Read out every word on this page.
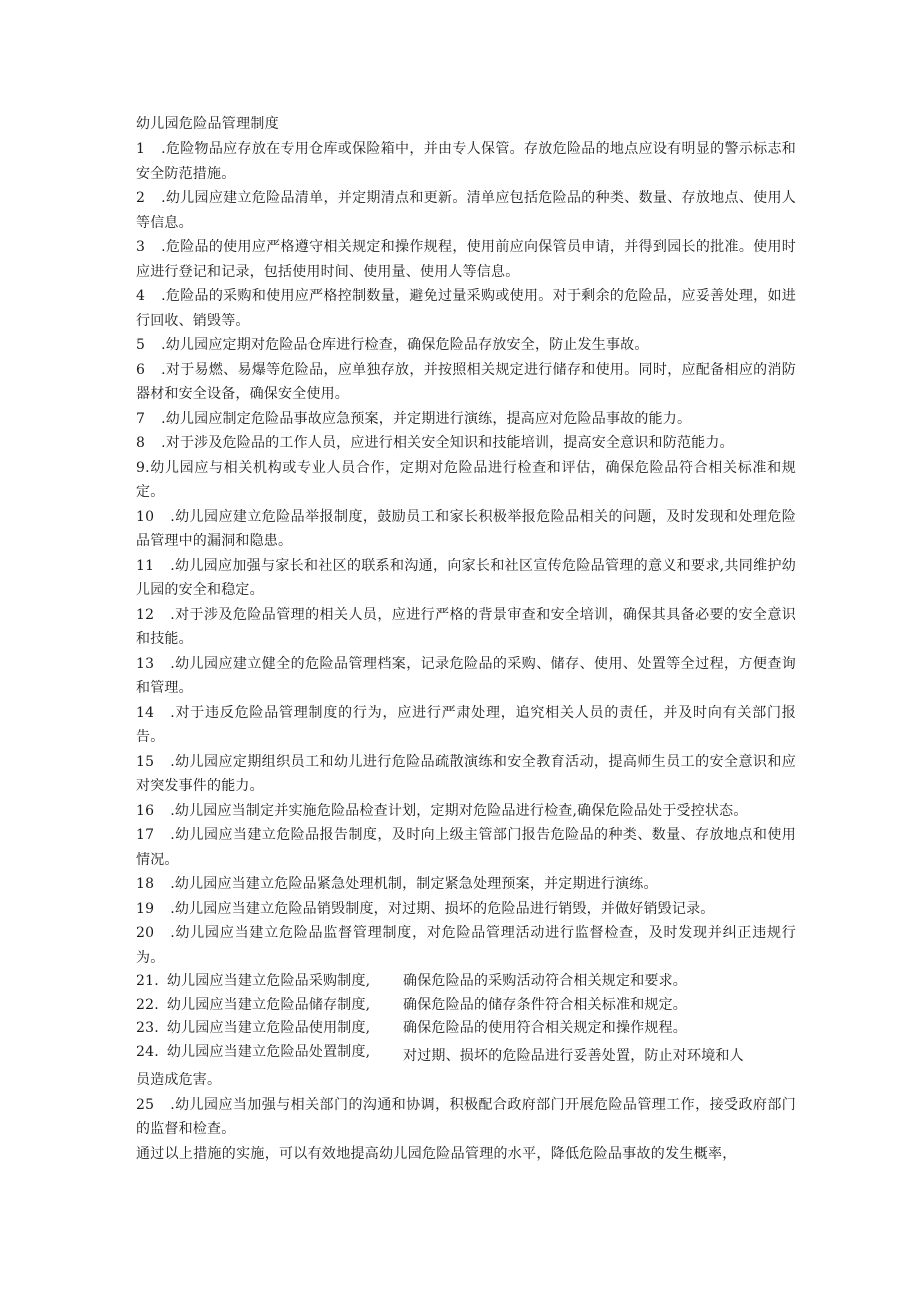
幼儿园危险品管理制度

1 .危险物品应存放在专用仓库或保险箱中，并由专人保管。存放危险品的地点应设有明显的警示标志和安全防范措施。

2 .幼儿园应建立危险品清单，并定期清点和更新。清单应包括危险品的种类、数量、存放地点、使用人等信息。

3 .危险品的使用应严格遵守相关规定和操作规程，使用前应向保管员申请，并得到园长的批准。使用时应进行登记和记录，包括使用时间、使用量、使用人等信息。

4 .危险品的采购和使用应严格控制数量，避免过量采购或使用。对于剩余的危险品，应妥善处理，如进行回收、销毁等。

5 .幼儿园应定期对危险品仓库进行检查，确保危险品存放安全，防止发生事故。

6 .对于易燃、易爆等危险品，应单独存放，并按照相关规定进行储存和使用。同时，应配备相应的消防器材和安全设备，确保安全使用。

7 .幼儿园应制定危险品事故应急预案，并定期进行演练，提高应对危险品事故的能力。

8 .对于涉及危险品的工作人员，应进行相关安全知识和技能培训，提高安全意识和防范能力。

9.幼儿园应与相关机构或专业人员合作，定期对危险品进行检查和评估，确保危险品符合相关标准和规定。

10 .幼儿园应建立危险品举报制度，鼓励员工和家长积极举报危险品相关的问题，及时发现和处理危险品管理中的漏洞和隐患。

11 .幼儿园应加强与家长和社区的联系和沟通，向家长和社区宣传危险品管理的意义和要求,共同维护幼儿园的安全和稳定。

12 .对于涉及危险品管理的相关人员，应进行严格的背景审查和安全培训，确保其具备必要的安全意识和技能。

13 .幼儿园应建立健全的危险品管理档案，记录危险品的采购、储存、使用、处置等全过程，方便查询和管理。

14 .对于违反危险品管理制度的行为，应进行严肃处理，追究相关人员的责任，并及时向有关部门报告。

15 .幼儿园应定期组织员工和幼儿进行危险品疏散演练和安全教育活动，提高师生员工的安全意识和应对突发事件的能力。

16 .幼儿园应当制定并实施危险品检查计划，定期对危险品进行检查,确保危险品处于受控状态。

17 .幼儿园应当建立危险品报告制度，及时向上级主管部门报告危险品的种类、数量、存放地点和使用情况。

18 .幼儿园应当建立危险品紧急处理机制，制定紧急处理预案，并定期进行演练。

19 .幼儿园应当建立危险品销毁制度，对过期、损坏的危险品进行销毁，并做好销毁记录。

20 .幼儿园应当建立危险品监督管理制度，对危险品管理活动进行监督检查，及时发现并纠正违规行为。

21. 幼儿园应当建立危险品采购制度,	确保危险品的采购活动符合相关规定和要求。
22. 幼儿园应当建立危险品储存制度,	确保危险品的储存条件符合相关标准和规定。
23. 幼儿园应当建立危险品使用制度,	确保危险品的使用符合相关规定和操作规程。
24. 幼儿园应当建立危险品处置制度,	对过期、损坏的危险品进行妥善处置，防止对环境和人

员造成危害。

25 .幼儿园应当加强与相关部门的沟通和协调，积极配合政府部门开展危险品管理工作，接受政府部门的监督和检查。

通过以上措施的实施，可以有效地提高幼儿园危险品管理的水平，降低危险品事故的发生概率，
